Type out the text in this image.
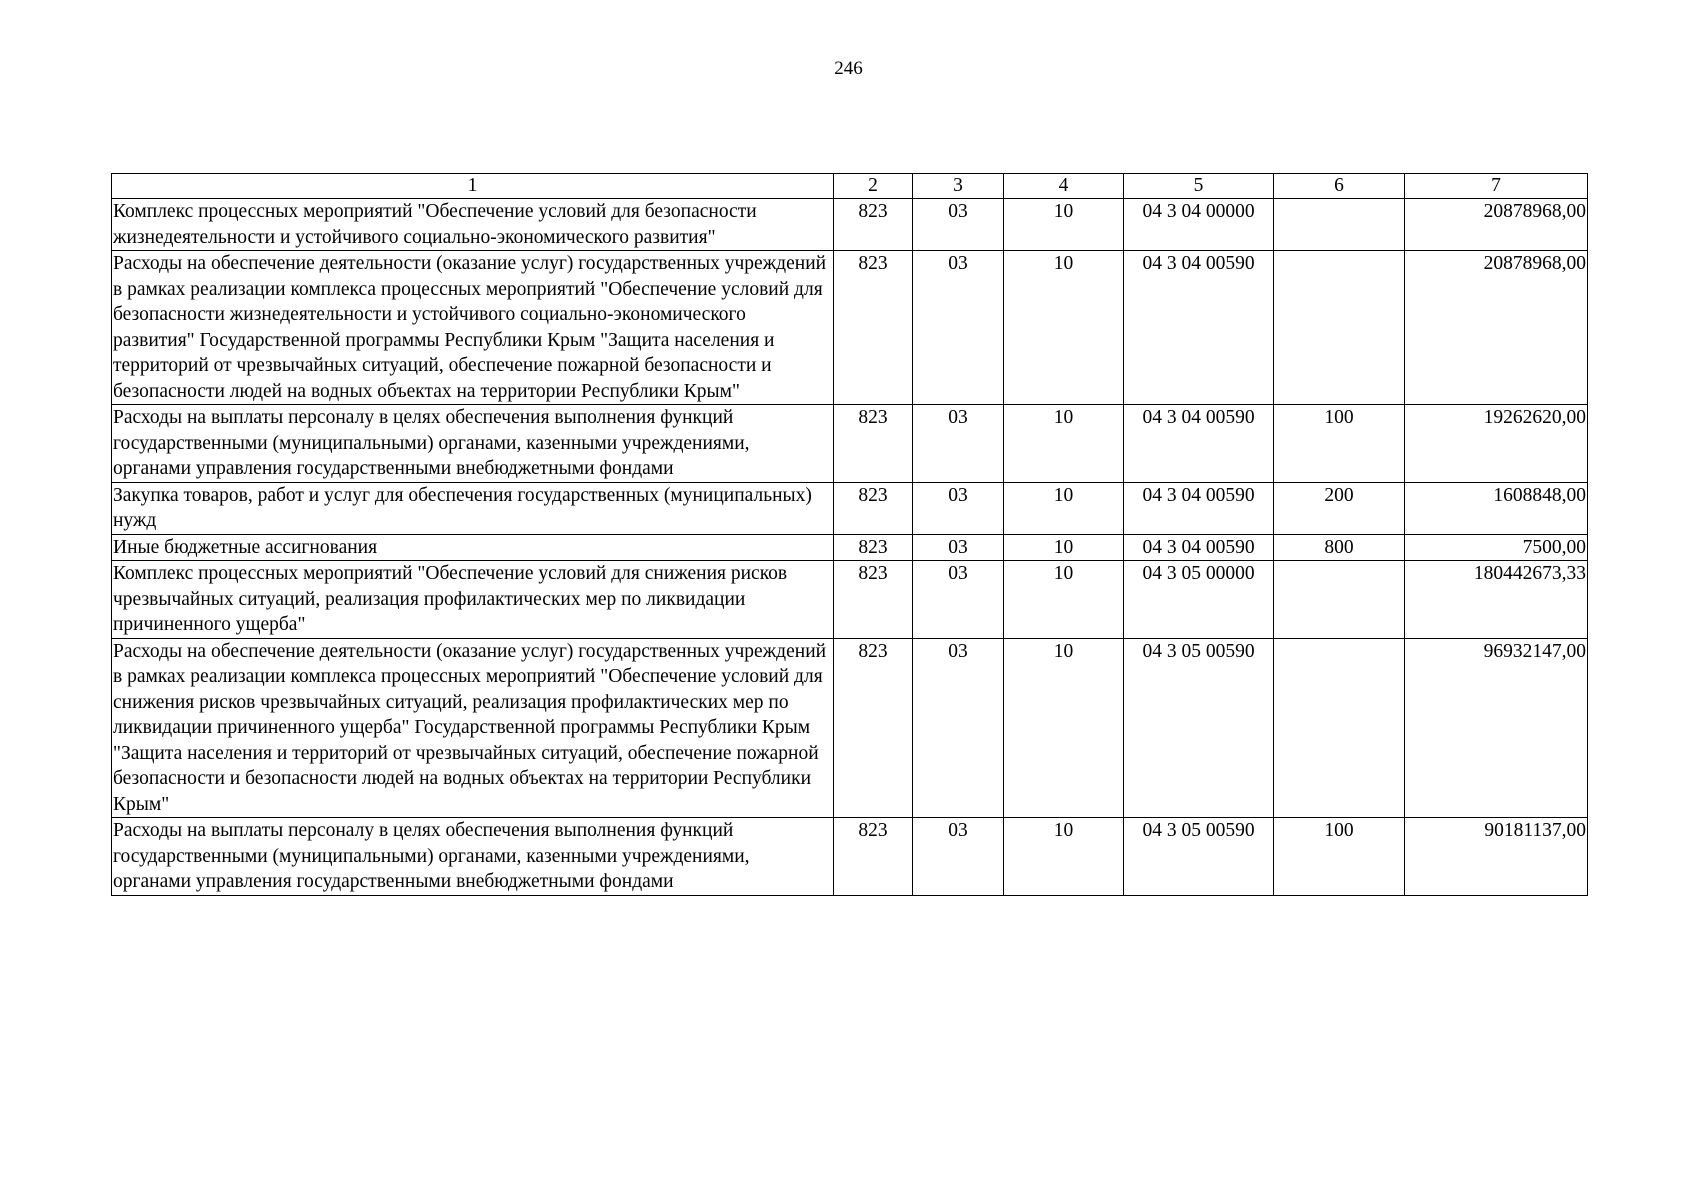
246
1	2	3	4	5	6	7
Комплекс процессных мероприятий "Обеспечение условий для безопасности жизнедеятельности и устойчивого социально-экономического развития"	823	03	10	04 3 04 00000		20878968,00
Расходы на обеспечение деятельности (оказание услуг) государственных учреждений в рамках реализации комплекса процессных мероприятий "Обеспечение условий для безопасности жизнедеятельности и устойчивого социально-экономического развития" Государственной программы Республики Крым "Защита населения и территорий от чрезвычайных ситуаций, обеспечение пожарной безопасности и безопасности людей на водных объектах на территории Республики Крым"	823	03	10	04 3 04 00590		20878968,00
Расходы на выплаты персоналу в целях обеспечения выполнения функций государственными (муниципальными) органами, казенными учреждениями, органами управления государственными внебюджетными фондами	823	03	10	04 3 04 00590	100	19262620,00
Закупка товаров, работ и услуг для обеспечения государственных (муниципальных) нужд	823	03	10	04 3 04 00590	200	1608848,00
Иные бюджетные ассигнования	823	03	10	04 3 04 00590	800	7500,00
Комплекс процессных мероприятий "Обеспечение условий для снижения рисков чрезвычайных ситуаций, реализация профилактических мер по ликвидации причиненного ущерба"	823	03	10	04 3 05 00000		180442673,33
Расходы на обеспечение деятельности (оказание услуг) государственных учреждений в рамках реализации комплекса процессных мероприятий "Обеспечение условий для снижения рисков чрезвычайных ситуаций, реализация профилактических мер по ликвидации причиненного ущерба" Государственной программы Республики Крым "Защита населения и территорий от чрезвычайных ситуаций, обеспечение пожарной безопасности и безопасности людей на водных объектах на территории Республики Крым"	823	03	10	04 3 05 00590		96932147,00
Расходы на выплаты персоналу в целях обеспечения выполнения функций государственными (муниципальными) органами, казенными учреждениями, органами управления государственными внебюджетными фондами	823	03	10	04 3 05 00590	100	90181137,00
